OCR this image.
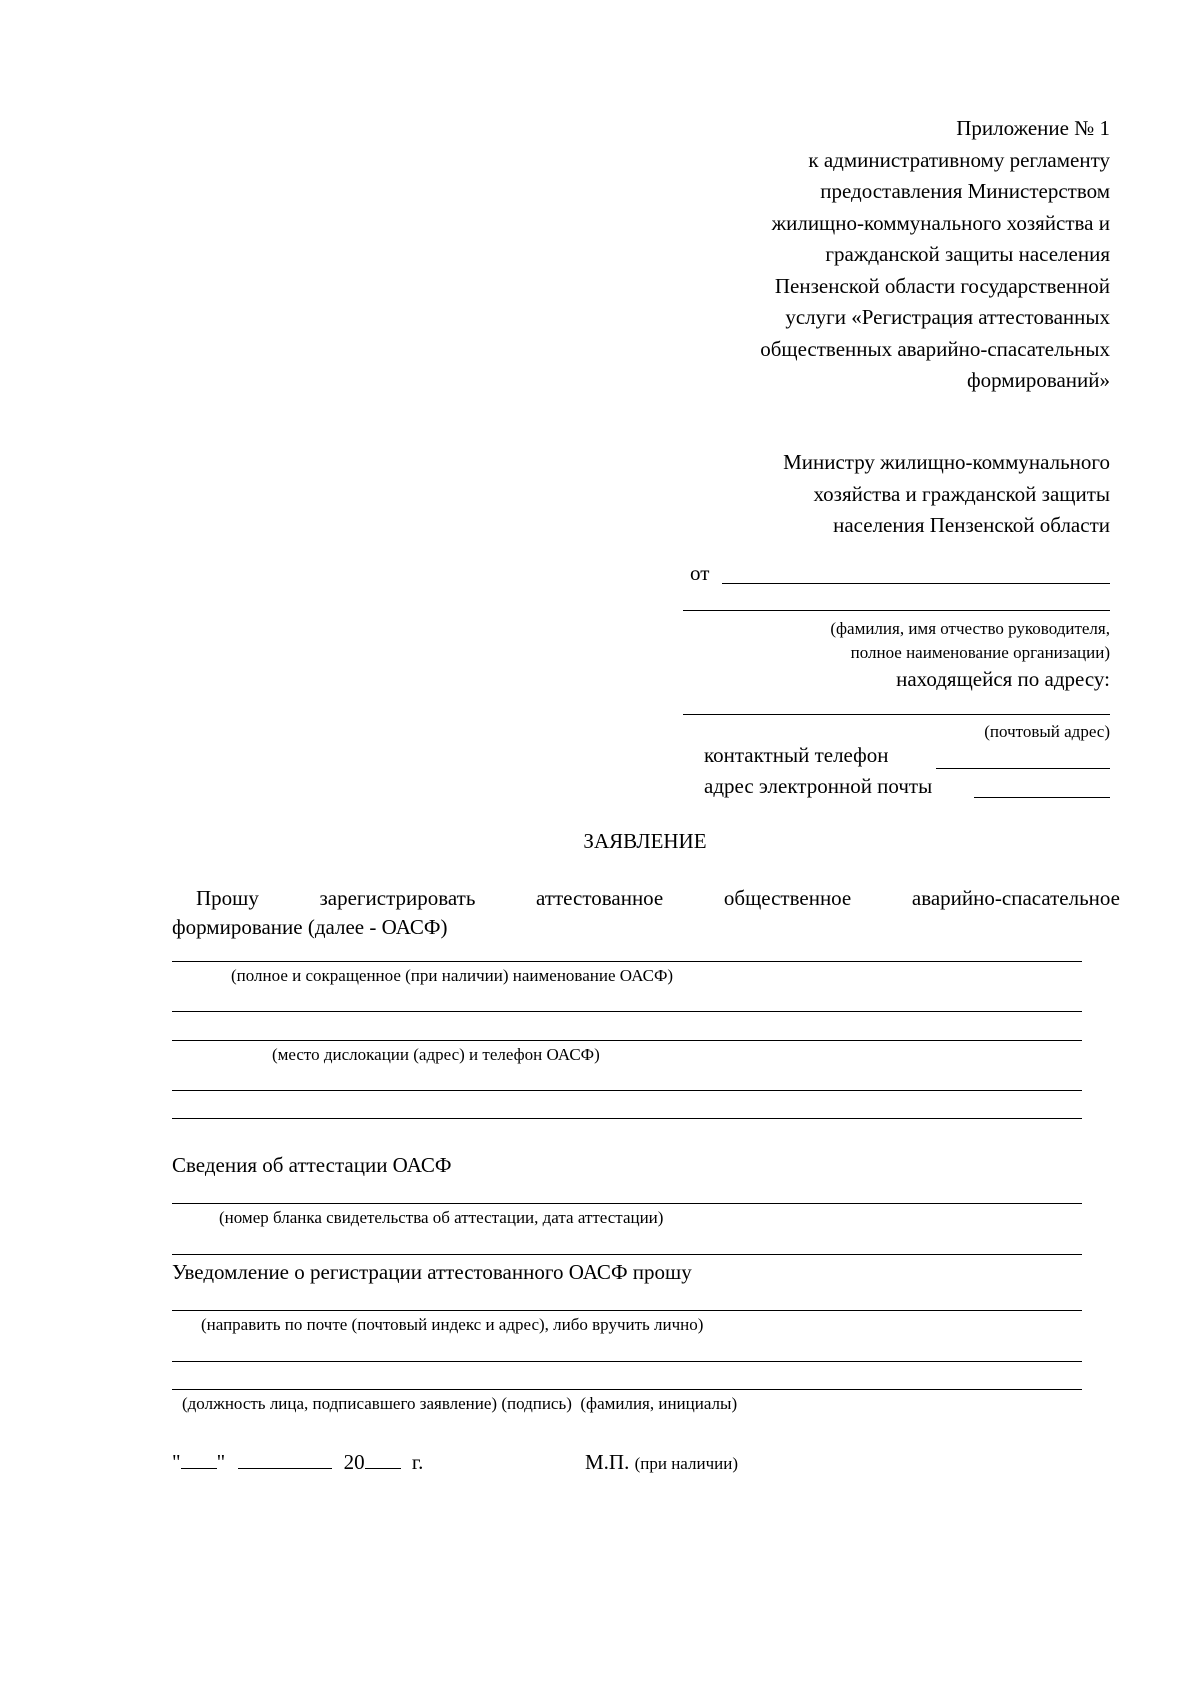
Приложение № 1
к административному регламенту
предоставления Министерством
жилищно-коммунального хозяйства и
гражданской защиты населения
Пензенской области государственной
услуги «Регистрация аттестованных
общественных аварийно-спасательных
формирований»
Министру жилищно-коммунального
хозяйства и гражданской защиты
населения Пензенской области
от
(фамилия, имя отчество руководителя,
полное наименование организации)
находящейся по адресу:
(почтовый адрес)
контактный телефон
адрес электронной почты
ЗАЯВЛЕНИЕ
Прошу	зарегистрировать	аттестованное	общественное	аварийно-спасательное
формирование (далее - ОАСФ)
(полное и сокращенное (при наличии) наименование ОАСФ)
(место дислокации (адрес) и телефон ОАСФ)
Сведения об аттестации ОАСФ
(номер бланка свидетельства об аттестации, дата аттестации)
Уведомление о регистрации аттестованного ОАСФ прошу
(направить по почте (почтовый индекс и адрес), либо вручить лично)
(должность лица, подписавшего заявление) (подпись)  (фамилия, инициалы)
" "	20 г.	М.П. (при наличии)
